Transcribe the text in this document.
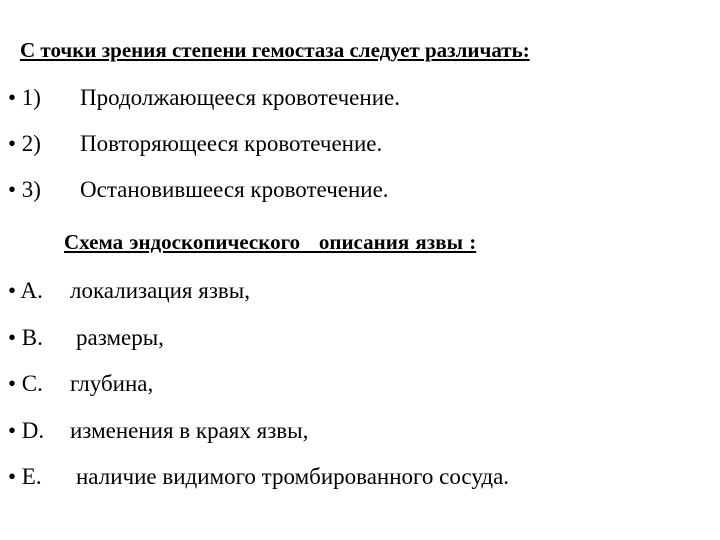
С точки зрения степени гемостаза следует различать:
• 1) Продолжающееся кровотечение.
• 2) Повторяющееся кровотечение.
• 3) Остановившееся кровотечение.
Схема эндоскопического   описания язвы :
• A. локализация язвы,
• B. размеры,
• C. глубина,
• D. изменения в краях язвы,
• E. наличие видимого тромбированного сосуда.
